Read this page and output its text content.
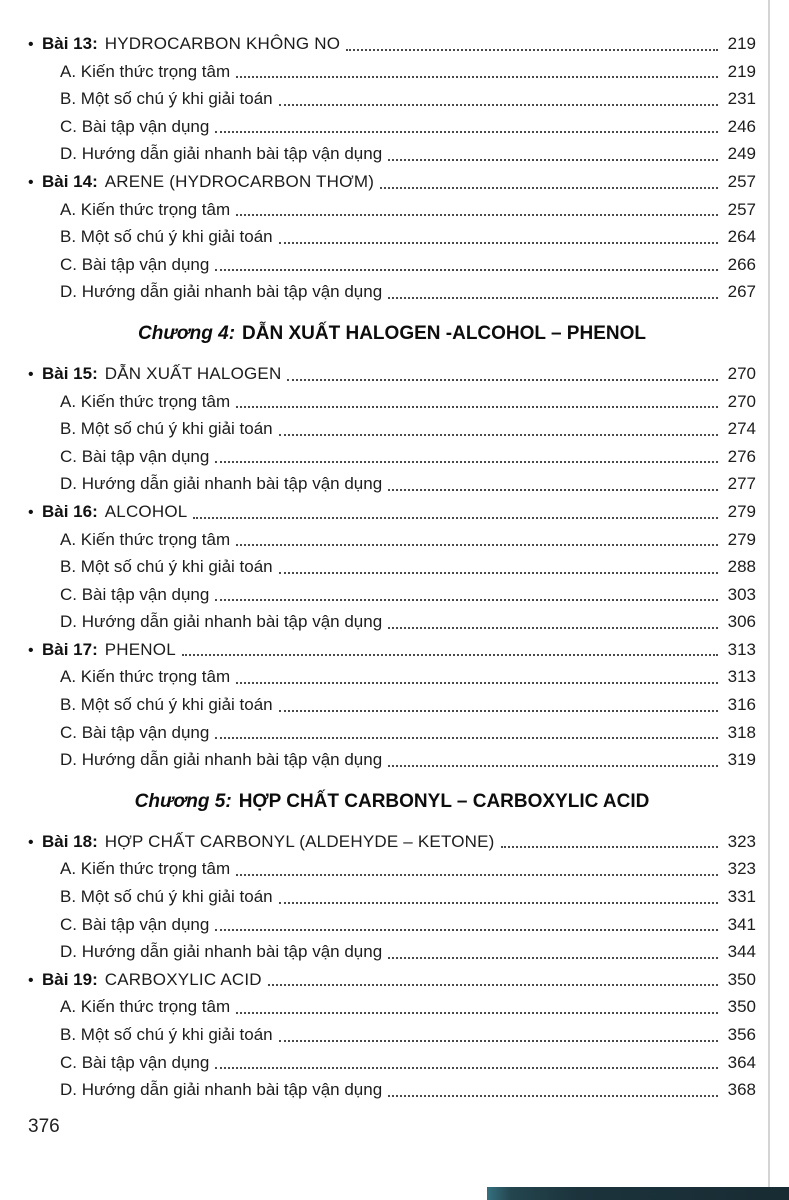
• Bài 13: HYDROCARBON KHÔNG NO	219
A. Kiến thức trọng tâm	219
B. Một số chú ý khi giải toán	231
C. Bài tập vận dụng	246
D. Hướng dẫn giải nhanh bài tập vận dụng	249
• Bài 14: ARENE (HYDROCARBON THƠM)	257
A. Kiến thức trọng tâm	257
B. Một số chú ý khi giải toán	264
C. Bài tập vận dụng	266
D. Hướng dẫn giải nhanh bài tập vận dụng	267
Chương 4: DẪN XUẤT HALOGEN -ALCOHOL – PHENOL
• Bài 15: DẪN XUẤT HALOGEN	270
A. Kiến thức trọng tâm	270
B. Một số chú ý khi giải toán	274
C. Bài tập vận dụng	276
D. Hướng dẫn giải nhanh bài tập vận dụng	277
• Bài 16: ALCOHOL	279
A. Kiến thức trọng tâm	279
B. Một số chú ý khi giải toán	288
C. Bài tập vận dụng	303
D. Hướng dẫn giải nhanh bài tập vận dụng	306
• Bài 17: PHENOL	313
A. Kiến thức trọng tâm	313
B. Một số chú ý khi giải toán	316
C. Bài tập vận dụng	318
D. Hướng dẫn giải nhanh bài tập vận dụng	319
Chương 5: HỢP CHẤT CARBONYL – CARBOXYLIC ACID
• Bài 18: HỢP CHẤT CARBONYL (ALDEHYDE – KETONE)	323
A. Kiến thức trọng tâm	323
B. Một số chú ý khi giải toán	331
C. Bài tập vận dụng	341
D. Hướng dẫn giải nhanh bài tập vận dụng	344
• Bài 19: CARBOXYLIC ACID	350
A. Kiến thức trọng tâm	350
B. Một số chú ý khi giải toán	356
C. Bài tập vận dụng	364
D. Hướng dẫn giải nhanh bài tập vận dụng	368
376
